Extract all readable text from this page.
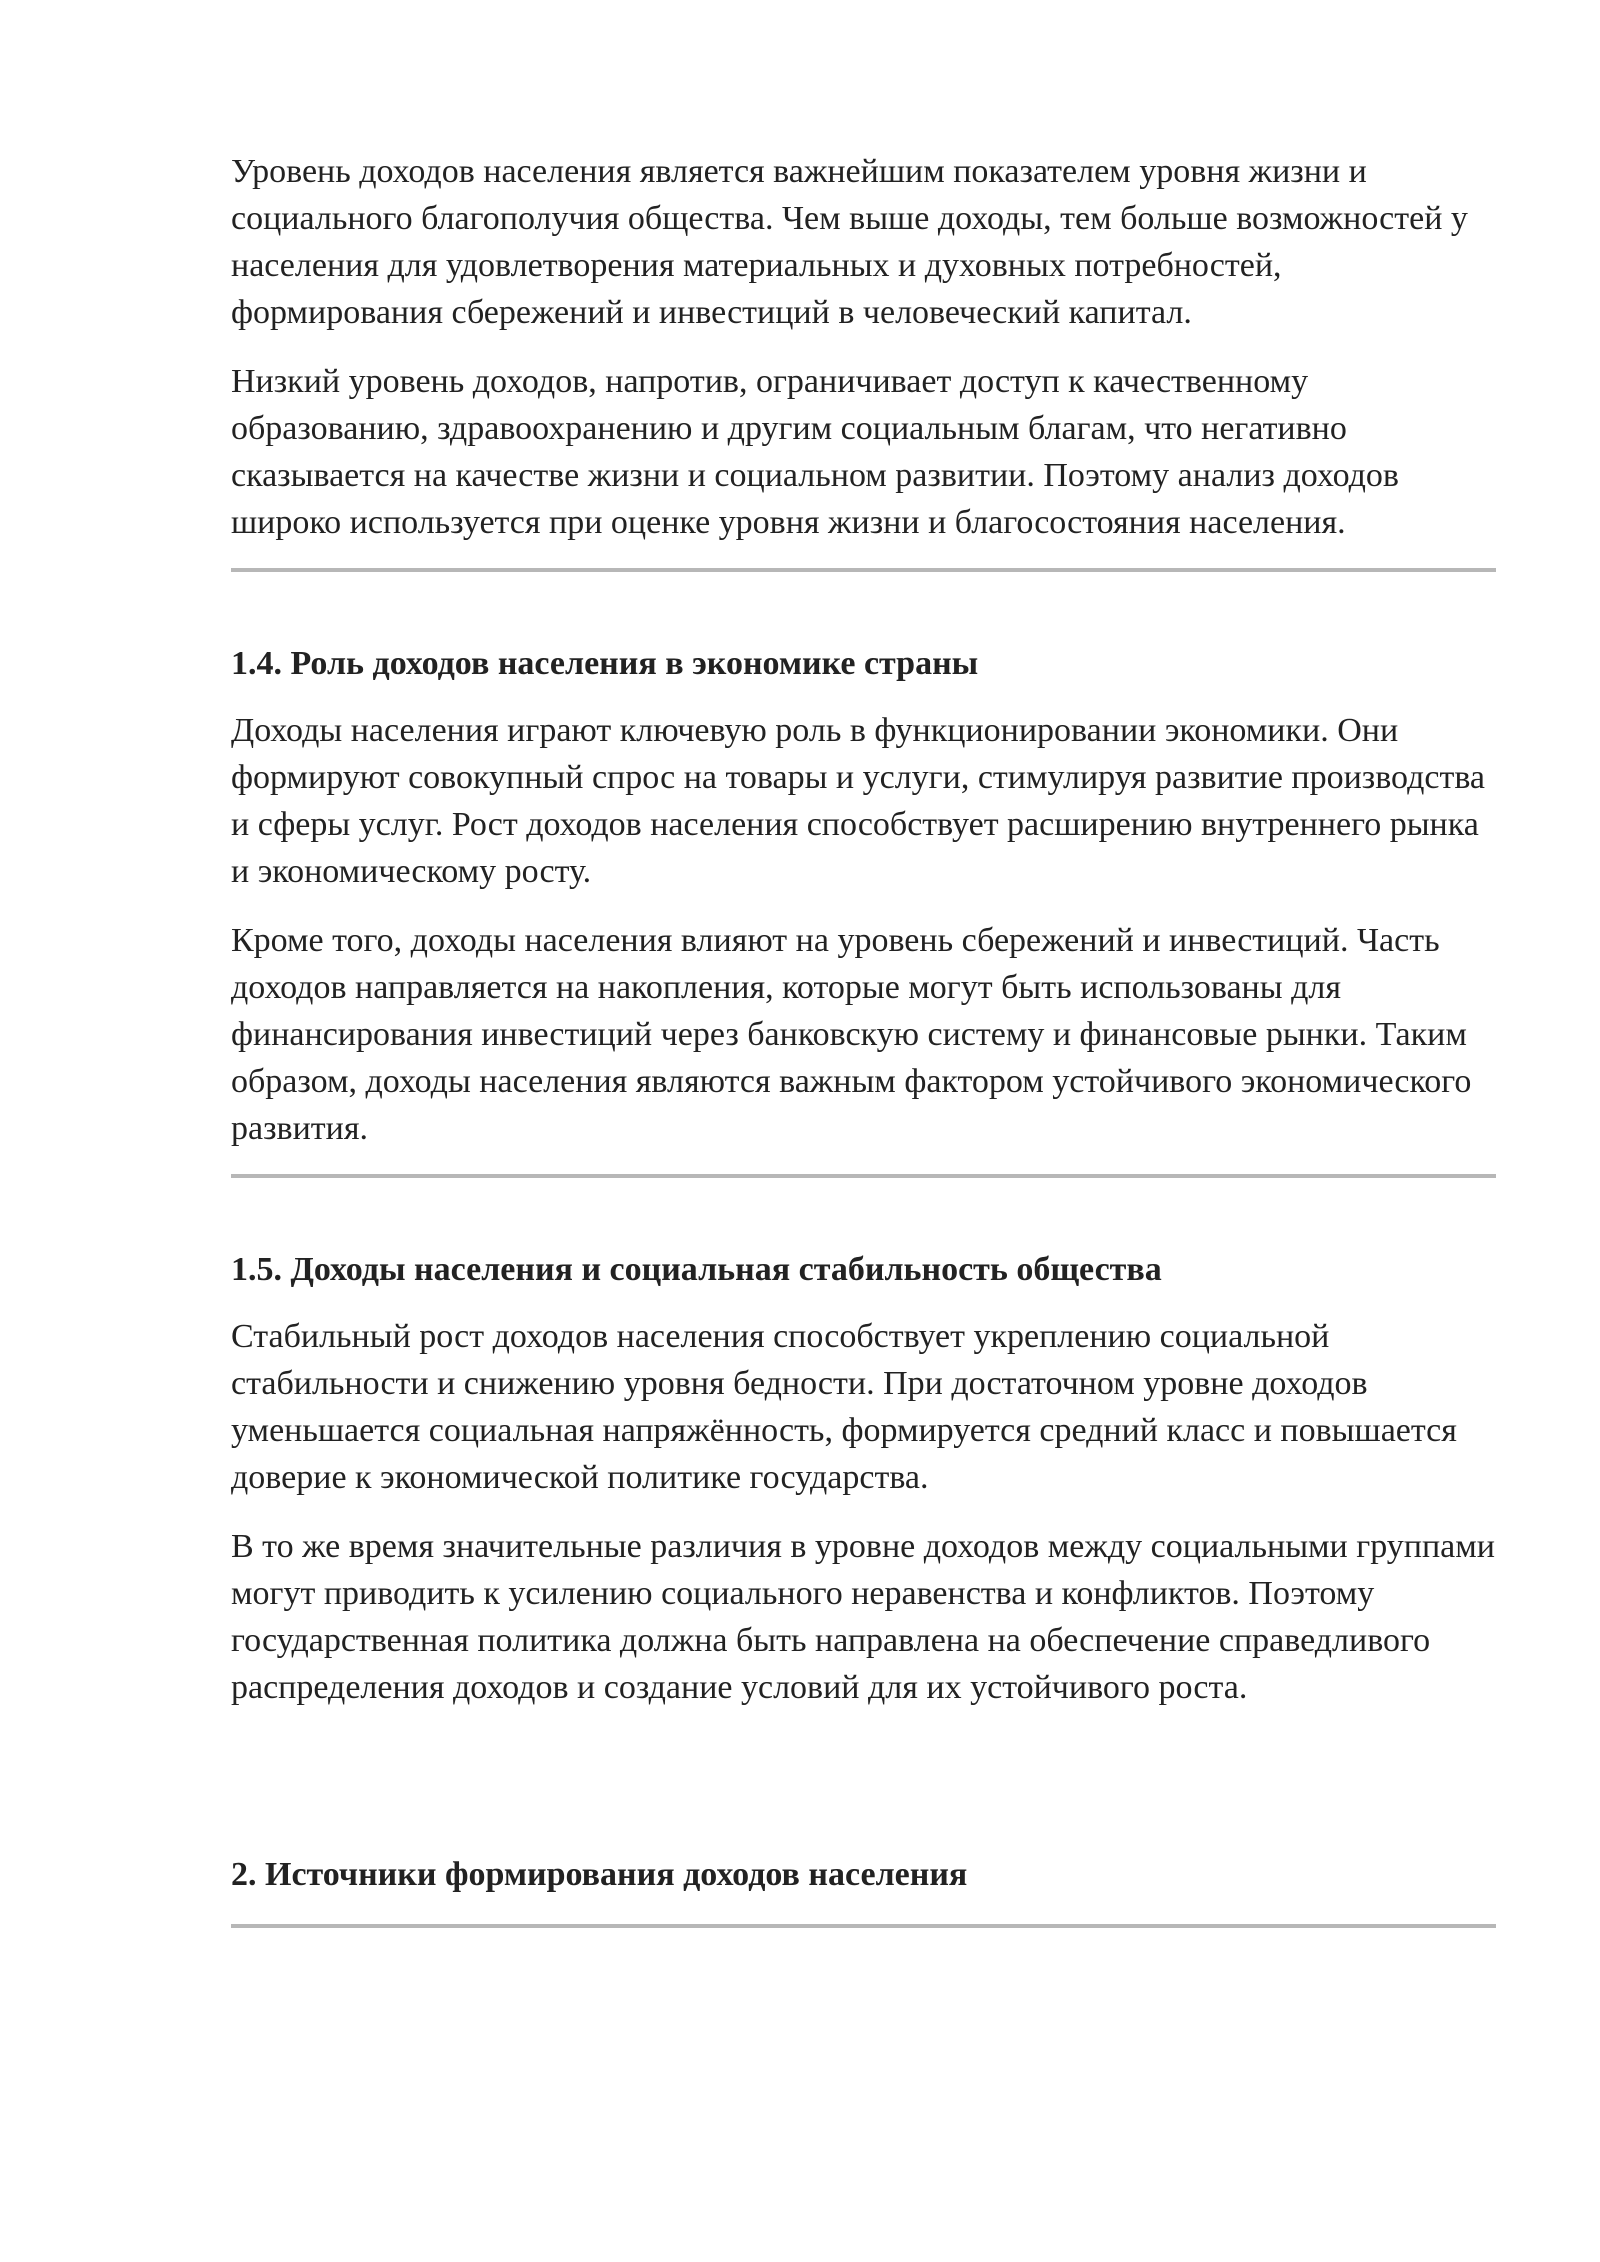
Уровень доходов населения является важнейшим показателем уровня жизни и социального благополучия общества. Чем выше доходы, тем больше возможностей у населения для удовлетворения материальных и духовных потребностей, формирования сбережений и инвестиций в человеческий капитал.

Низкий уровень доходов, напротив, ограничивает доступ к качественному образованию, здравоохранению и другим социальным благам, что негативно сказывается на качестве жизни и социальном развитии. Поэтому анализ доходов широко используется при оценке уровня жизни и благосостояния населения.

1.4. Роль доходов населения в экономике страны

Доходы населения играют ключевую роль в функционировании экономики. Они формируют совокупный спрос на товары и услуги, стимулируя развитие производства и сферы услуг. Рост доходов населения способствует расширению внутреннего рынка и экономическому росту.

Кроме того, доходы населения влияют на уровень сбережений и инвестиций. Часть доходов направляется на накопления, которые могут быть использованы для финансирования инвестиций через банковскую систему и финансовые рынки. Таким образом, доходы населения являются важным фактором устойчивого экономического развития.

1.5. Доходы населения и социальная стабильность общества

Стабильный рост доходов населения способствует укреплению социальной стабильности и снижению уровня бедности. При достаточном уровне доходов уменьшается социальная напряжённость, формируется средний класс и повышается доверие к экономической политике государства.

В то же время значительные различия в уровне доходов между социальными группами могут приводить к усилению социального неравенства и конфликтов. Поэтому государственная политика должна быть направлена на обеспечение справедливого распределения доходов и создание условий для их устойчивого роста.

2. Источники формирования доходов населения
